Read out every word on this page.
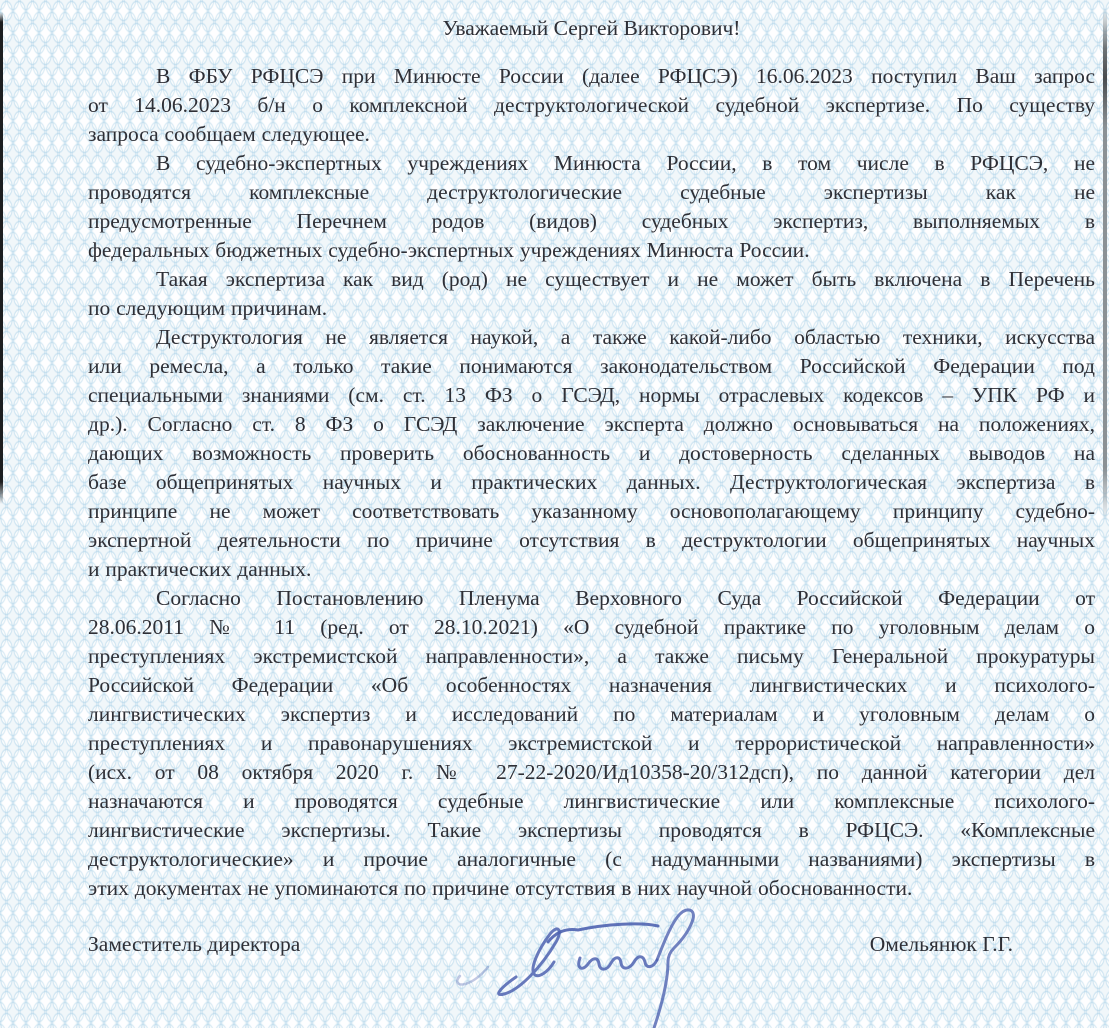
Уважаемый Сергей Викторович!
В ФБУ РФЦСЭ при Минюсте России (далее РФЦСЭ) 16.06.2023 поступил Ваш запрос
от 14.06.2023 б/н о комплексной деструктологической судебной экспертизе. По существу
запроса сообщаем следующее.
В судебно-экспертных учреждениях Минюста России, в том числе в РФЦСЭ, не
проводятся комплексные деструктологические судебные экспертизы как не
предусмотренные Перечнем родов (видов) судебных экспертиз, выполняемых в
федеральных бюджетных судебно-экспертных учреждениях Минюста России.
Такая экспертиза как вид (род) не существует и не может быть включена в Перечень
по следующим причинам.
Деструктология не является наукой, а также какой-либо областью техники, искусства
или ремесла, а только такие понимаются законодательством Российской Федерации под
специальными знаниями (см. ст. 13 ФЗ о ГСЭД, нормы отраслевых кодексов – УПК РФ и
др.). Согласно ст. 8 ФЗ о ГСЭД заключение эксперта должно основываться на положениях,
дающих возможность проверить обоснованность и достоверность сделанных выводов на
базе общепринятых научных и практических данных. Деструктологическая экспертиза в
принципе не может соответствовать указанному основополагающему принципу судебно-
экспертной деятельности по причине отсутствия в деструктологии общепринятых научных
и практических данных.
Согласно Постановлению Пленума Верховного Суда Российской Федерации от
28.06.2011 № 11 (ред. от 28.10.2021) «О судебной практике по уголовным делам о
преступлениях экстремистской направленности», а также письму Генеральной прокуратуры
Российской Федерации «Об особенностях назначения лингвистических и психолого-
лингвистических экспертиз и исследований по материалам и уголовным делам о
преступлениях и правонарушениях экстремистской и террористической направленности»
(исх. от 08 октября 2020 г. № 27-22-2020/Ид10358-20/312дсп), по данной категории дел
назначаются и проводятся судебные лингвистические или комплексные психолого-
лингвистические экспертизы. Такие экспертизы проводятся в РФЦСЭ. «Комплексные
деструктологические» и прочие аналогичные (с надуманными названиями) экспертизы в
этих документах не упоминаются по причине отсутствия в них научной обоснованности.
Заместитель директора	Омельянюк Г.Г.
